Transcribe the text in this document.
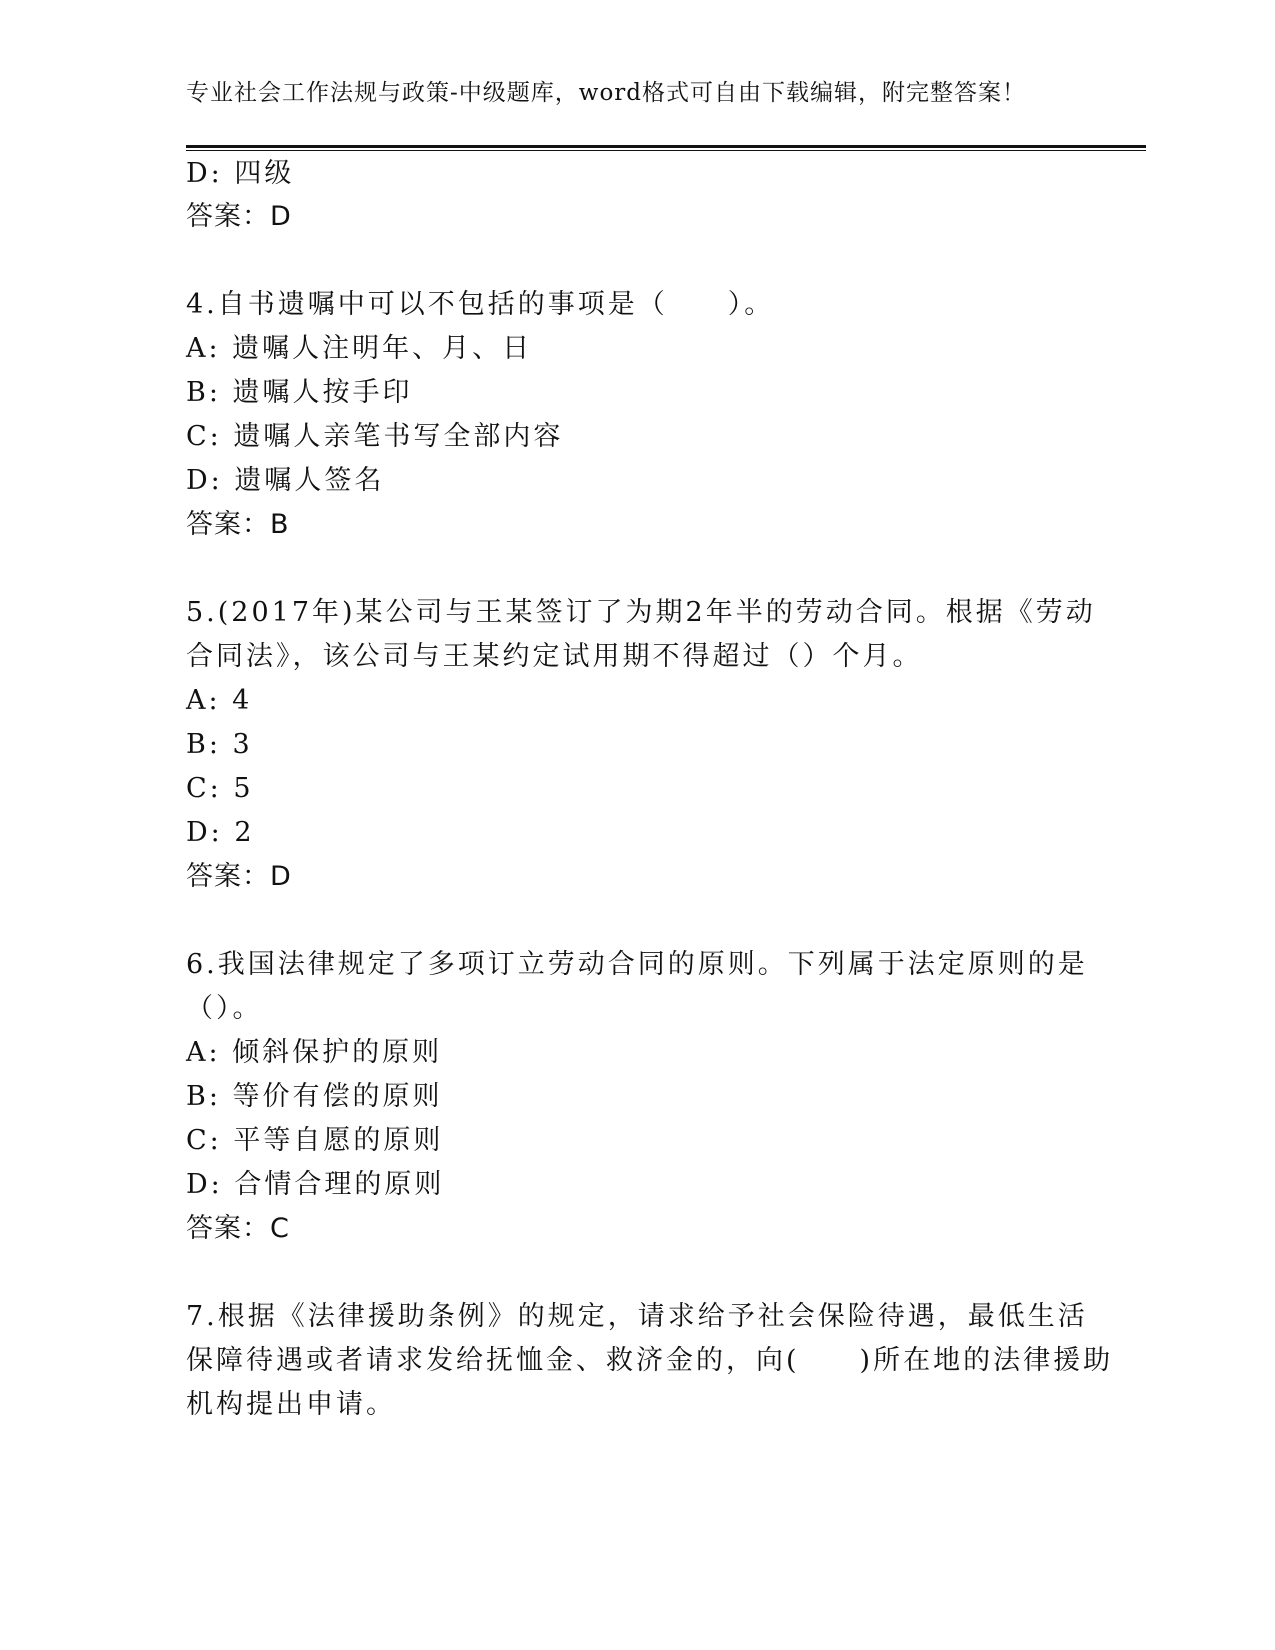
专业社会工作法规与政策-中级题库，word格式可自由下载编辑，附完整答案！
D: 四级
答案：D
4.自书遗嘱中可以不包括的事项是（　　）。
A: 遗嘱人注明年、月、日
B: 遗嘱人按手印
C: 遗嘱人亲笔书写全部内容
D: 遗嘱人签名
答案：B
5.(2017年)某公司与王某签订了为期2年半的劳动合同。根据《劳动
合同法》，该公司与王某约定试用期不得超过（）个月。
A: 4
B: 3
C: 5
D: 2
答案：D
6.我国法律规定了多项订立劳动合同的原则。下列属于法定原则的是
（）。
A: 倾斜保护的原则
B: 等价有偿的原则
C: 平等自愿的原则
D: 合情合理的原则
答案：C
7.根据《法律援助条例》的规定，请求给予社会保险待遇，最低生活
保障待遇或者请求发给抚恤金、救济金的，向(　　)所在地的法律援助
机构提出申请。
